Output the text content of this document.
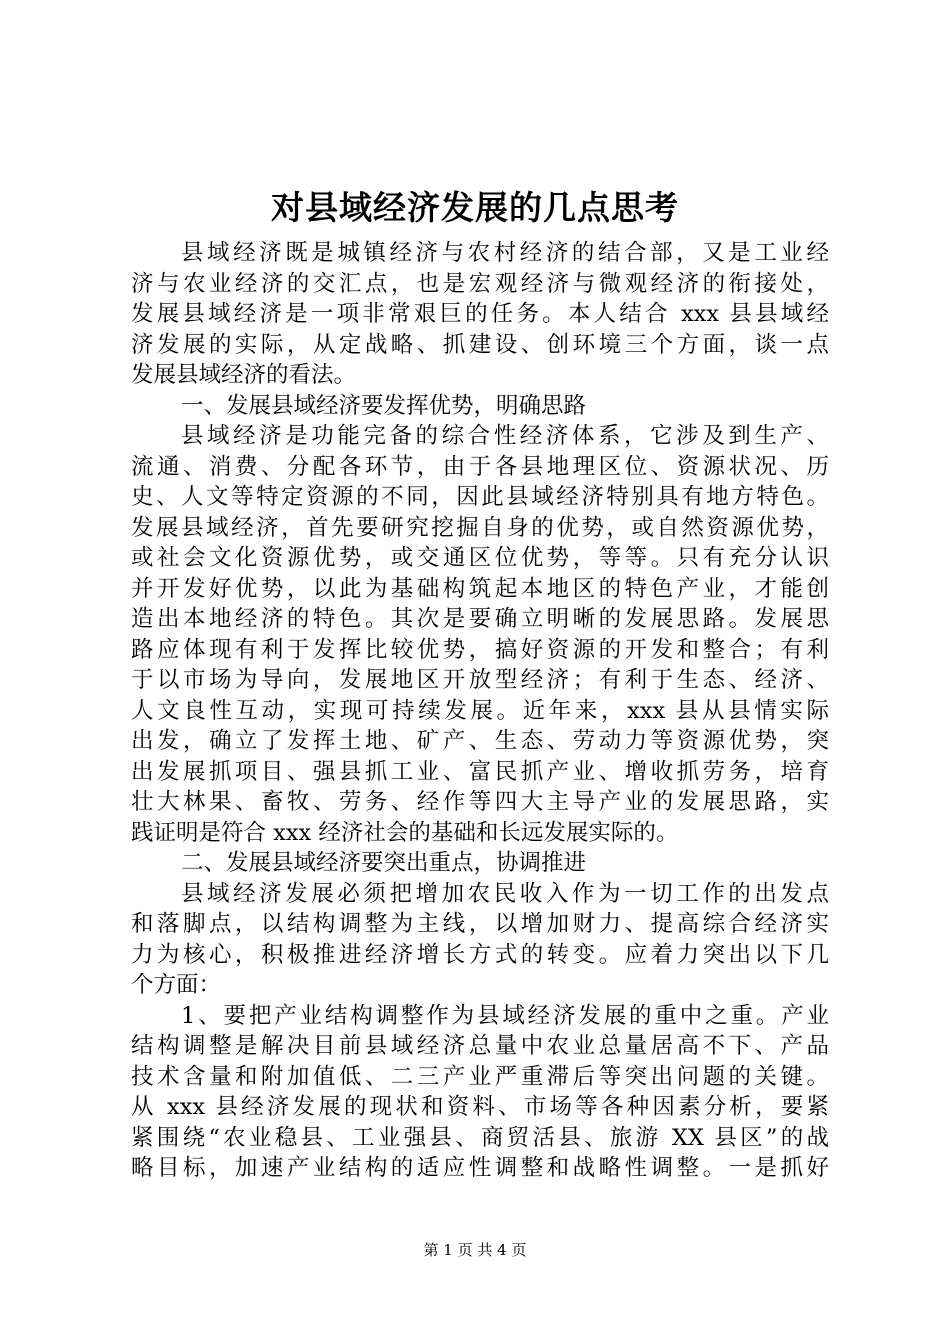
对县域经济发展的几点思考
县域经济既是城镇经济与农村经济的结合部，又是工业经
济与农业经济的交汇点，也是宏观经济与微观经济的衔接处，
发展县域经济是一项非常艰巨的任务。本人结合 xxx 县县域经
济发展的实际，从定战略、抓建设、创环境三个方面，谈一点
发展县域经济的看法。
一、发展县域经济要发挥优势，明确思路
县域经济是功能完备的综合性经济体系，它涉及到生产、
流通、消费、分配各环节，由于各县地理区位、资源状况、历
史、人文等特定资源的不同，因此县域经济特别具有地方特色。
发展县域经济，首先要研究挖掘自身的优势，或自然资源优势，
或社会文化资源优势，或交通区位优势，等等。只有充分认识
并开发好优势，以此为基础构筑起本地区的特色产业，才能创
造出本地经济的特色。其次是要确立明晰的发展思路。发展思
路应体现有利于发挥比较优势，搞好资源的开发和整合；有利
于以市场为导向，发展地区开放型经济；有利于生态、经济、
人文良性互动，实现可持续发展。近年来，xxx 县从县情实际
出发，确立了发挥土地、矿产、生态、劳动力等资源优势，突
出发展抓项目、强县抓工业、富民抓产业、增收抓劳务，培育
壮大林果、畜牧、劳务、经作等四大主导产业的发展思路，实
践证明是符合 xxx 经济社会的基础和长远发展实际的。
二、发展县域经济要突出重点，协调推进
县域经济发展必须把增加农民收入作为一切工作的出发点
和落脚点，以结构调整为主线，以增加财力、提高综合经济实
力为核心，积极推进经济增长方式的转变。应着力突出以下几
个方面：
1、要把产业结构调整作为县域经济发展的重中之重。产业
结构调整是解决目前县域经济总量中农业总量居高不下、产品
技术含量和附加值低、二三产业严重滞后等突出问题的关键。
从 xxx 县经济发展的现状和资料、市场等各种因素分析，要紧
紧围绕“农业稳县、工业强县、商贸活县、旅游 XX 县区”的战
略目标，加速产业结构的适应性调整和战略性调整。一是抓好
第 1 页 共 4 页
